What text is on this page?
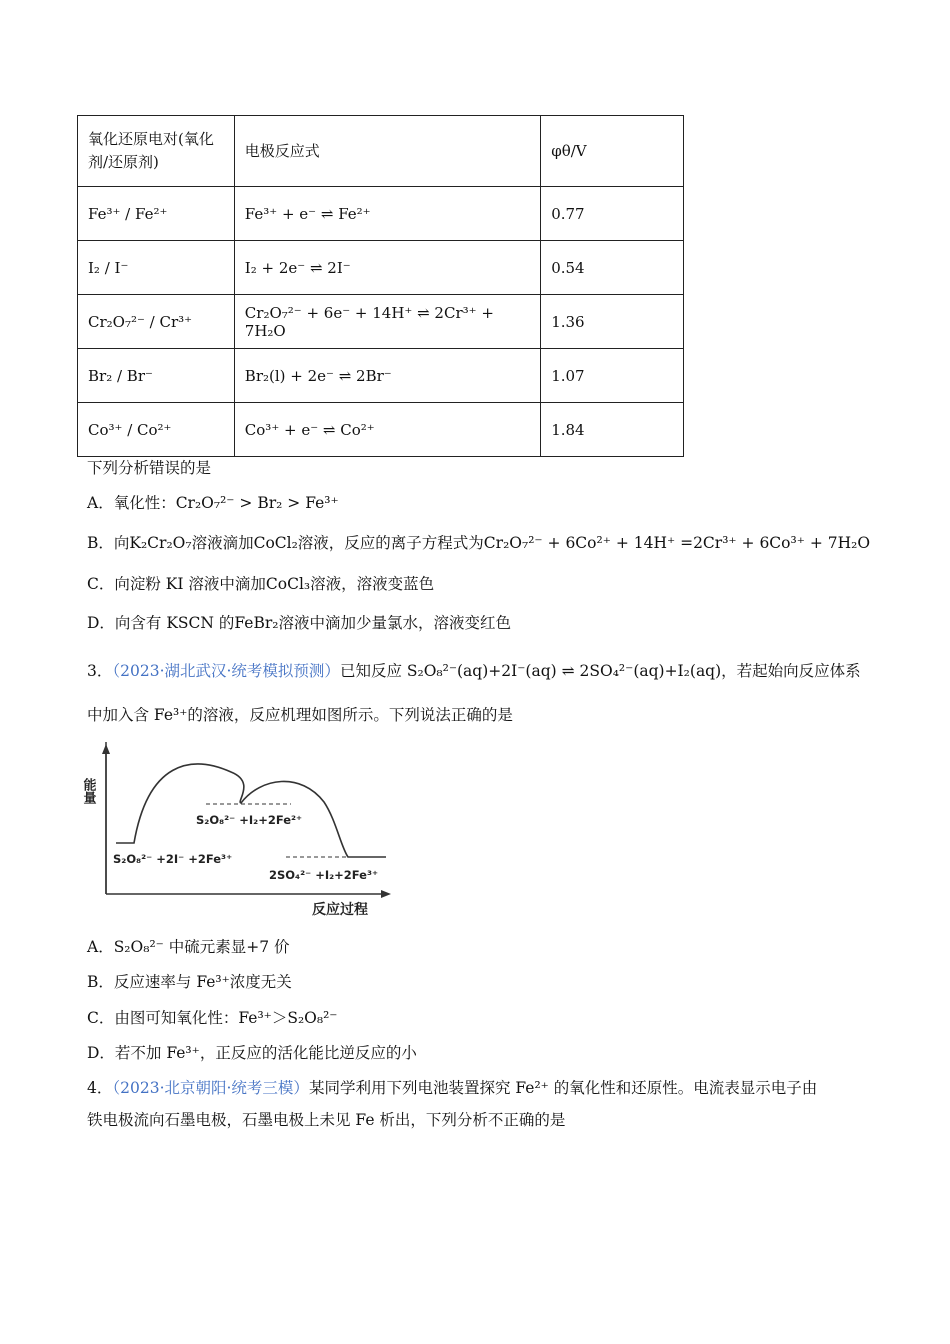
氧化还原电对(氧化剂/还原剂)	电极反应式	φθ/V
Fe³⁺ / Fe²⁺	Fe³⁺ + e⁻ ⇌ Fe²⁺	0.77
I₂ / I⁻	I₂ + 2e⁻ ⇌ 2I⁻	0.54
Cr₂O₇²⁻ / Cr³⁺	Cr₂O₇²⁻ + 6e⁻ + 14H⁺ ⇌ 2Cr³⁺ + 7H₂O	1.36
Br₂ / Br⁻	Br₂(l) + 2e⁻ ⇌ 2Br⁻	1.07
Co³⁺ / Co²⁺	Co³⁺ + e⁻ ⇌ Co²⁺	1.84
下列分析错误的是
A．氧化性：Cr₂O₇²⁻ > Br₂ > Fe³⁺
B．向K₂Cr₂O₇溶液滴加CoCl₂溶液，反应的离子方程式为Cr₂O₇²⁻ + 6Co²⁺ + 14H⁺ =2Cr³⁺ + 6Co³⁺ + 7H₂O
C．向淀粉 KI 溶液中滴加CoCl₃溶液，溶液变蓝色
D．向含有 KSCN 的FeBr₂溶液中滴加少量氯水，溶液变红色
3．（2023·湖北武汉·统考模拟预测）已知反应 S₂O₈²⁻(aq)+2I⁻(aq) ⇌ 2SO₄²⁻(aq)+I₂(aq)，若起始向反应体系
中加入含 Fe³⁺的溶液，反应机理如图所示。下列说法正确的是
能量
反应过程
S₂O₈²⁻ +2I⁻ +2Fe³⁺
S₂O₈²⁻ +I₂+2Fe²⁺
2SO₄²⁻ +I₂+2Fe³⁺
A．S₂O₈²⁻ 中硫元素显+7 价
B．反应速率与 Fe³⁺浓度无关
C．由图可知氧化性：Fe³⁺＞S₂O₈²⁻
D．若不加 Fe³⁺，正反应的活化能比逆反应的小
4．（2023·北京朝阳·统考三模）某同学利用下列电池装置探究 Fe²⁺ 的氧化性和还原性。电流表显示电子由
铁电极流向石墨电极，石墨电极上未见 Fe 析出，下列分析不正确的是
